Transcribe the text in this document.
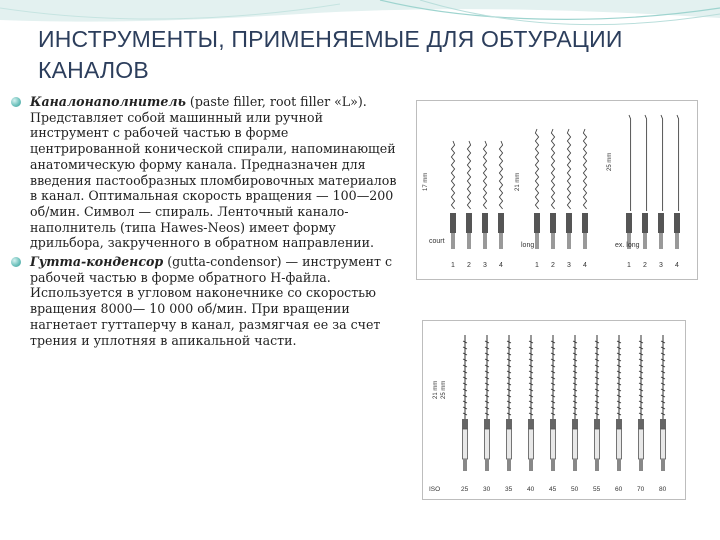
ИНСТРУМЕНТЫ, ПРИМЕНЯЕМЫЕ ДЛЯ ОБТУРАЦИИ КАНАЛОВ
Каналонаполнитель (paste filler, root filler «L»). Представляет собой машинный или ручной инструмент с рабочей частью в форме центрированной конической спирали, напоминающей анатомическую форму канала. Предназначен для введения пастообразных пломбировочных материалов в канал. Оптимальная скорость вращения — 100—200 об/мин. Символ — спираль. Ленточный канало-наполнитель (типа Hawes-Neos) имеет форму дрильбора, закрученного в обратном направлении.
Гутта-конденсор (gutta-condensor) — инструмент с рабочей частью в форме обратного Н-файла. Используется в угловом наконечнике со скоростью вращения 8000— 10 000 об/мин. При вращении нагнетает гуттаперчу в канал, размягчая ее за счет трения и уплотняя в апикальной части.
court
long	ex. long
17 mm	21 mm
25 mm
1 2 3 4	1 2 3 4	1 2 3 4
21 mm 25 mm
ISO	25 30 35 40 45 50 55 60 70 80
